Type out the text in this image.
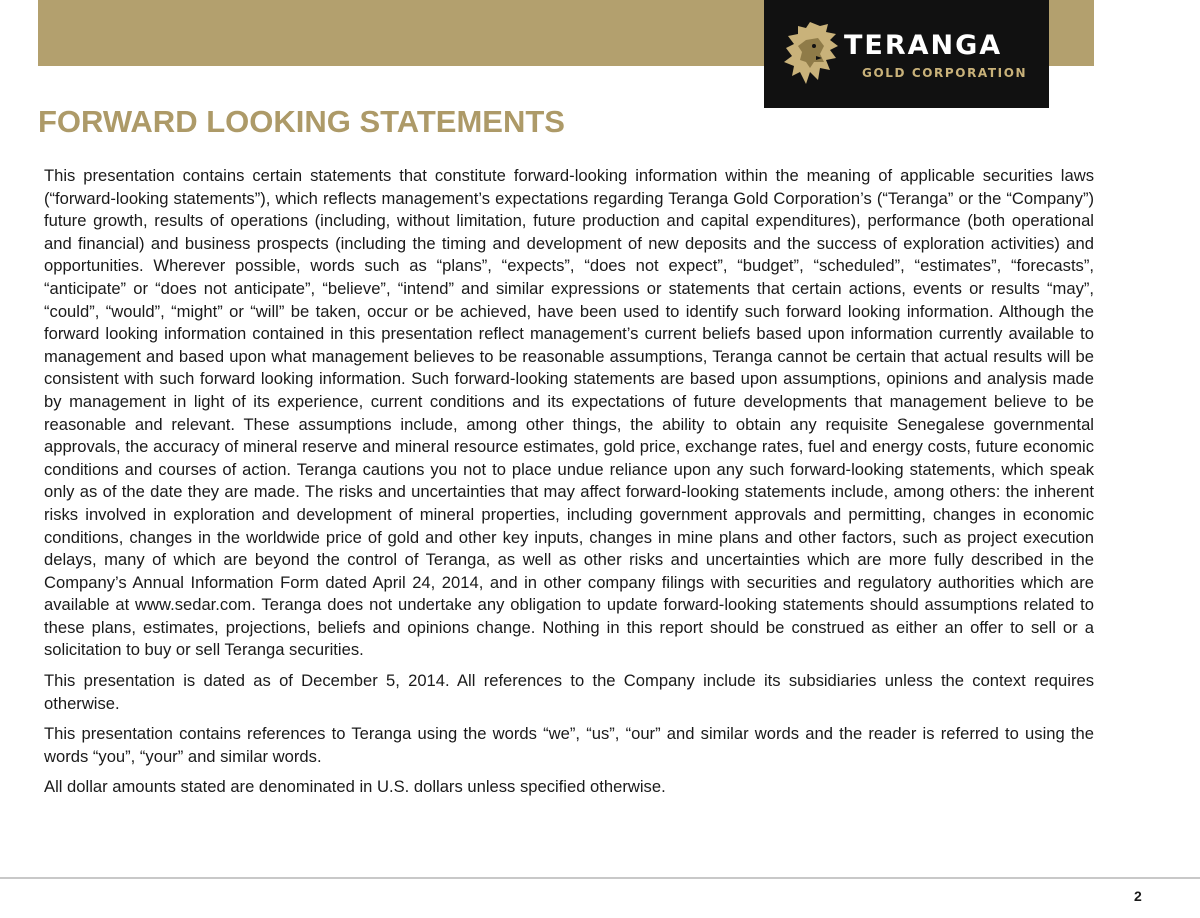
TERANGA
GOLD CORPORATION
FORWARD LOOKING STATEMENTS

This presentation contains certain statements that constitute forward-looking information within the meaning of applicable securities laws (“forward-looking statements”), which reflects management’s expectations regarding Teranga Gold Corporation’s (“Teranga” or the “Company”) future growth, results of operations (including, without limitation, future production and capital expenditures), performance (both operational and financial) and business prospects (including the timing and development of new deposits and the success of exploration activities) and opportunities. Wherever possible, words such as “plans”, “expects”, “does not expect”, “budget”, “scheduled”, “estimates”, “forecasts”, “anticipate” or “does not anticipate”, “believe”, “intend” and similar expressions or statements that certain actions, events or results “may”, “could”, “would”, “might” or “will” be taken, occur or be achieved, have been used to identify such forward looking information. Although the forward looking information contained in this presentation reflect management’s current beliefs based upon information currently available to management and based upon what management believes to be reasonable assumptions, Teranga cannot be certain that actual results will be consistent with such forward looking information. Such forward-looking statements are based upon assumptions, opinions and analysis made by management in light of its experience, current conditions and its expectations of future developments that management believe to be reasonable and relevant. These assumptions include, among other things, the ability to obtain any requisite Senegalese governmental approvals, the accuracy of mineral reserve and mineral resource estimates, gold price, exchange rates, fuel and energy costs, future economic conditions and courses of action. Teranga cautions you not to place undue reliance upon any such forward-looking statements, which speak only as of the date they are made. The risks and uncertainties that may affect forward-looking statements include, among others: the inherent risks involved in exploration and development of mineral properties, including government approvals and permitting, changes in economic conditions, changes in the worldwide price of gold and other key inputs, changes in mine plans and other factors, such as project execution delays, many of which are beyond the control of Teranga, as well as other risks and uncertainties which are more fully described in the Company’s Annual Information Form dated April 24, 2014, and in other company filings with securities and regulatory authorities which are available at www.sedar.com. Teranga does not undertake any obligation to update forward-looking statements should assumptions related to these plans, estimates, projections, beliefs and opinions change. Nothing in this report should be construed as either an offer to sell or a solicitation to buy or sell Teranga securities.

This presentation is dated as of December 5, 2014. All references to the Company include its subsidiaries unless the context requires otherwise.

This presentation contains references to Teranga using the words “we”, “us”, “our” and similar words and the reader is referred to using the words “you”, “your” and similar words.

All dollar amounts stated are denominated in U.S. dollars unless specified otherwise.

2
